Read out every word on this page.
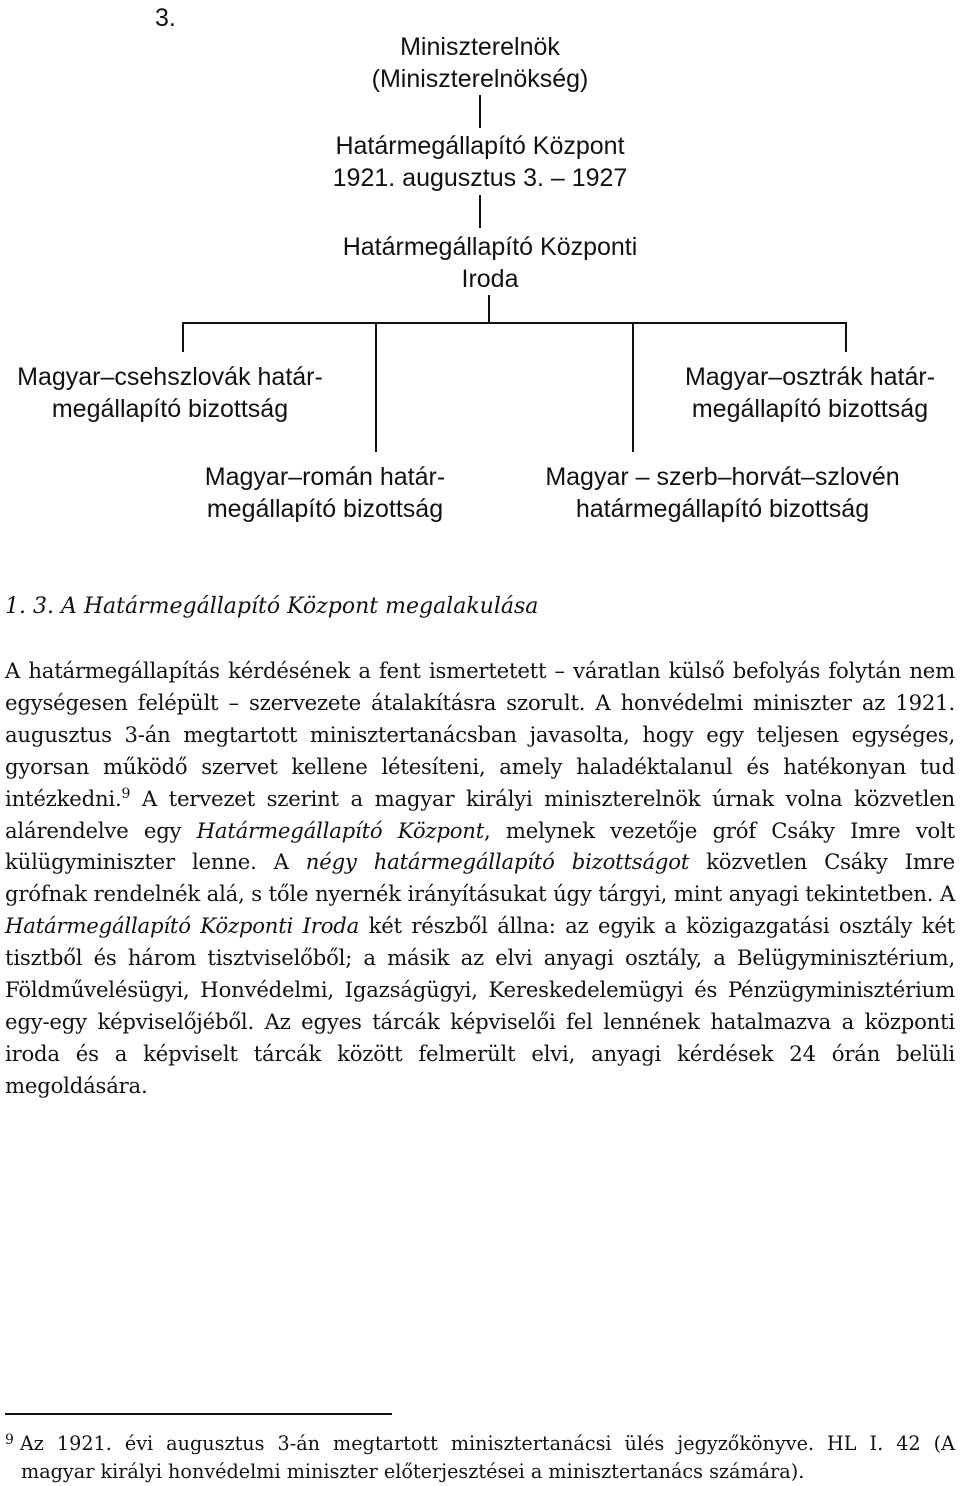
3.
Miniszterelnök
(Miniszterelnökség)
Határmegállapító Központ
1921. augusztus 3. – 1927
Határmegállapító Központi
Iroda
Magyar–csehszlovák határ-
megállapító bizottság
Magyar–osztrák határ-
megállapító bizottság
Magyar–román határ-
megállapító bizottság
Magyar – szerb–horvát–szlovén
határmegállapító bizottság
1. 3. A Határmegállapító Központ megalakulása

A határmegállapítás kérdésének a fent ismertetett – váratlan külső befolyás folytán nem egységesen felépült – szervezete átalakításra szorult. A honvédelmi miniszter az 1921. augusztus 3-án megtartott minisztertanácsban javasolta, hogy egy teljesen egységes, gyorsan működő szervet kellene létesíteni, amely haladéktalanul és hatékonyan tud intézkedni.$^9$ A tervezet szerint a magyar királyi miniszterelnök úrnak volna közvetlen alárendelve egy Határmegállapító Központ, melynek vezetője gróf Csáky Imre volt külügyminiszter lenne. A négy határmegállapító bizottságot közvetlen Csáky Imre grófnak rendelnék alá, s tőle nyernék irányításukat úgy tárgyi, mint anyagi tekintetben. A Határmegállapító Központi Iroda két részből állna: az egyik a közigazgatási osztály két tisztből és három tisztviselőből; a másik az elvi anyagi osztály, a Belügyminisztérium, Földművelésügyi, Honvédelmi, Igazságügyi, Kereskedelemügyi és Pénzügyminisztérium egy-egy képviselőjéből. Az egyes tárcák képviselői fel lennének hatalmazva a központi iroda és a képviselt tárcák között felmerült elvi, anyagi kérdések 24 órán belüli megoldására.

$^9$ Az 1921. évi augusztus 3-án megtartott minisztertanácsi ülés jegyzőkönyve. HL I. 42 (A
magyar királyi honvédelmi miniszter előterjesztései a minisztertanács számára).
